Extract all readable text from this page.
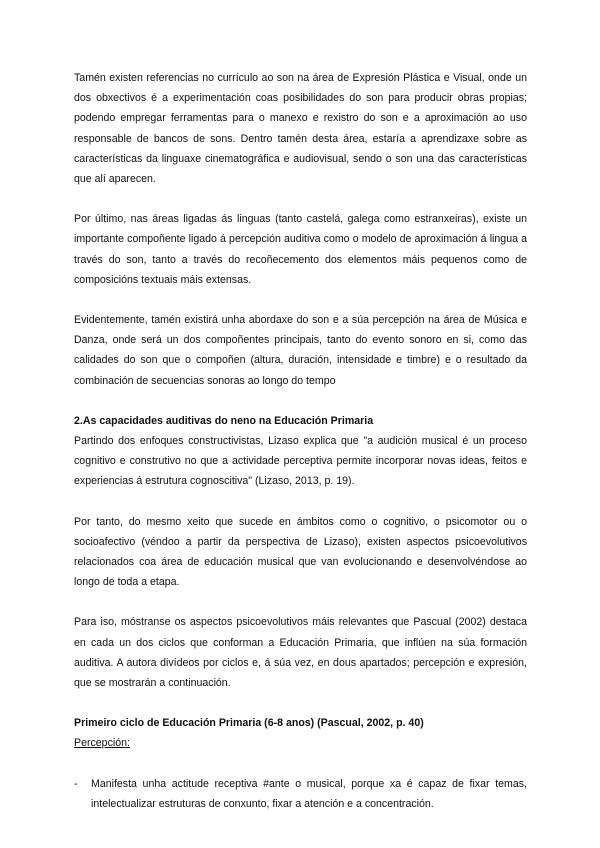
Tamén existen referencias no currículo ao son na área de Expresión Plástica e Visual, onde un dos obxectivos é a experimentación coas posibilidades do son para producir obras propias; podendo empregar ferramentas para o manexo e rexistro do son e a aproximación ao uso responsable de bancos de sons. Dentro tamén desta área, estaría a aprendizaxe sobre as características da linguaxe cinematográfica e audiovisual, sendo o son una das características que alí aparecen.

Por último, nas áreas ligadas ás linguas (tanto castelá, galega como estranxeiras), existe un importante compoñente ligado á percepción auditiva como o modelo de aproximación á lingua a través do son, tanto a través do recoñecemento dos elementos máis pequenos como de composicións textuais máis extensas.

Evidentemente, tamén existirá unha abordaxe do son e a súa percepción na área de Música e Danza, onde será un dos compoñentes principais, tanto do evento sonoro en si, como das calidades do son que o compoñen (altura, duración, intensidade e timbre) e o resultado da combinación de secuencias sonoras ao longo do tempo

2.As capacidades auditivas do neno na Educación Primaria

Partindo dos enfoques constructivistas, Lizaso explica que "a audición musical é un proceso cognitivo e construtivo no que a actividade perceptiva permite incorporar novas ideas, feitos e experiencias á estrutura cognoscitiva" (Lizaso, 2013, p. 19).

Por tanto, do mesmo xeito que sucede en ámbitos como o cognitivo, o psicomotor ou o socioafectivo (véndoo a partir da perspectiva de Lizaso), existen aspectos psicoevolutivos relacionados coa área de educación musical que van evolucionando e desenvolvéndose ao longo de toda a etapa.

Para iso, móstranse os aspectos psicoevolutivos máis relevantes que Pascual (2002) destaca en cada un dos ciclos que conforman a Educación Primaria, que inflúen na súa formación auditiva. A autora divídeos por ciclos e, á súa vez, en dous apartados; percepción e expresión, que se mostrarán a continuación.

Primeiro ciclo de Educación Primaria (6-8 anos) (Pascual, 2002, p. 40)

Percepción:

- Manifesta unha actitude receptiva #ante o musical, porque xa é capaz de fixar temas, intelectualizar estruturas de conxunto, fixar a atención e a concentración.
